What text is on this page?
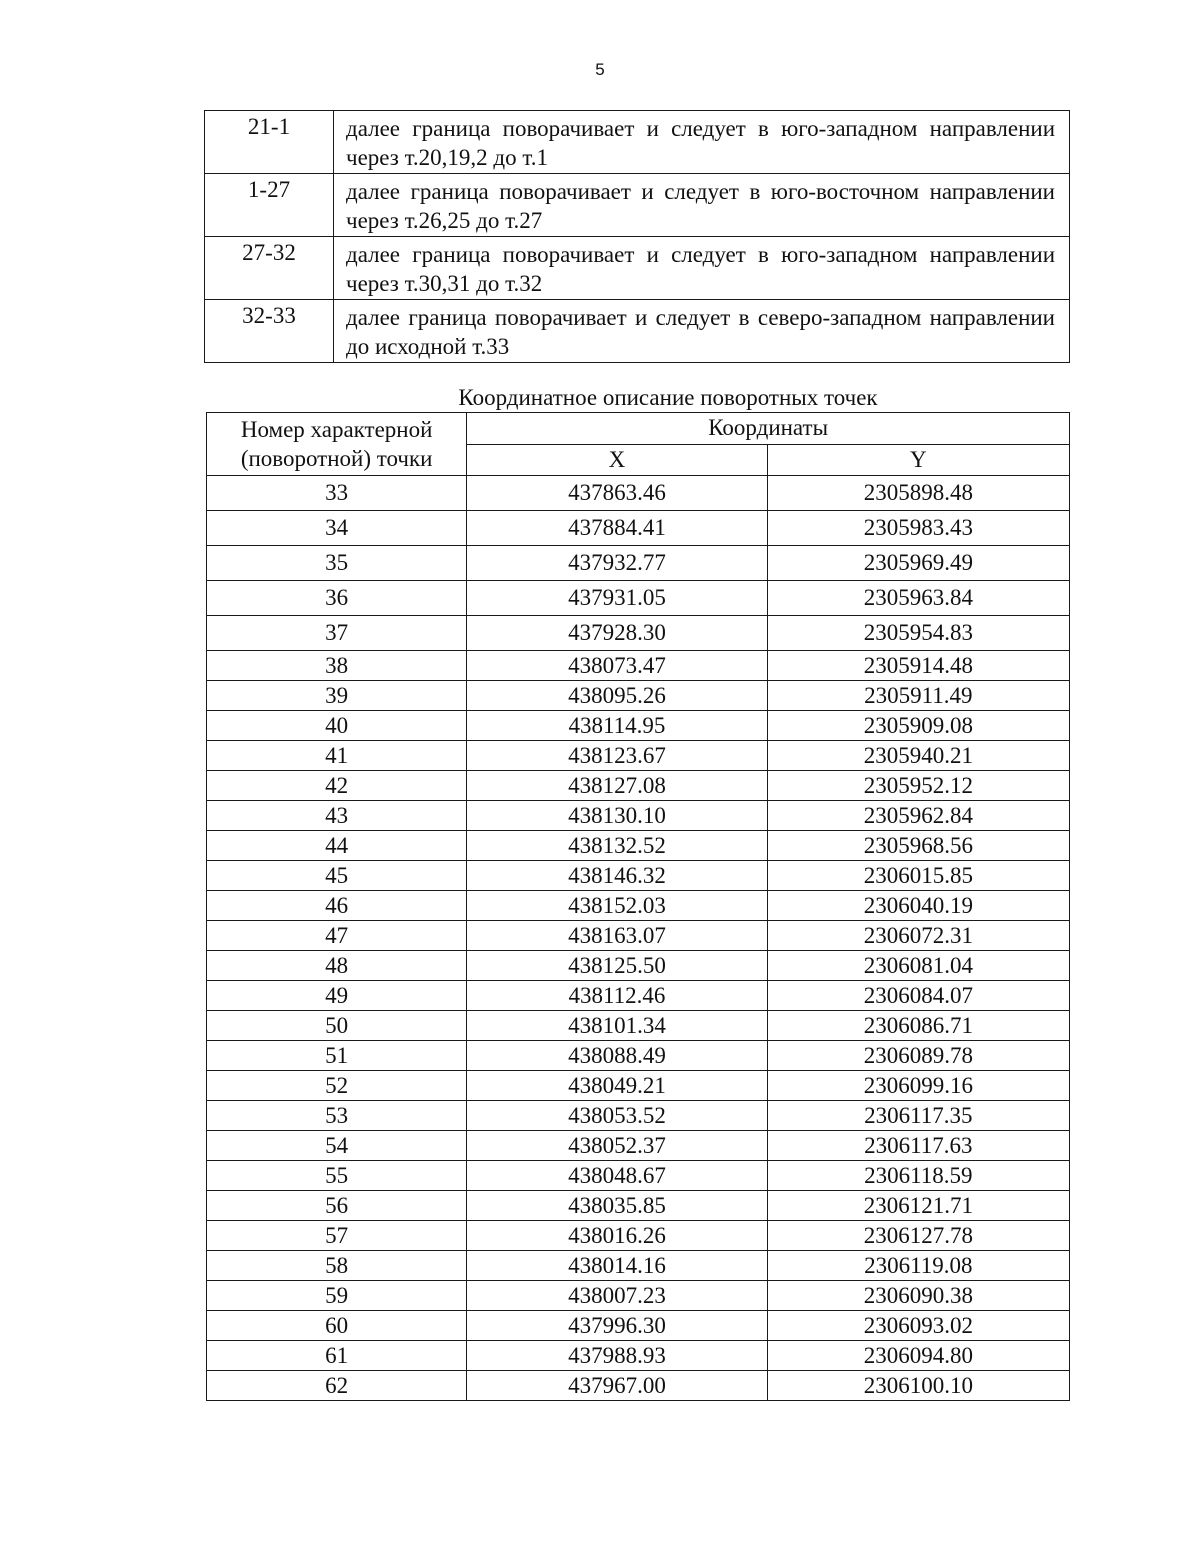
5
21-1	далее граница поворачивает и следует в юго-западном направлении через т.20,19,2 до т.1
1-27	далее граница поворачивает и следует в юго-восточном направлении через т.26,25 до т.27
27-32	далее граница поворачивает и следует в юго-западном направлении через т.30,31 до т.32
32-33	далее граница поворачивает и следует в северо-западном направлении до исходной т.33
Координатное описание поворотных точек
Номер характерной (поворотной) точки	Координаты	
	X	Y
33	437863.46	2305898.48
34	437884.41	2305983.43
35	437932.77	2305969.49
36	437931.05	2305963.84
37	437928.30	2305954.83
38	438073.47	2305914.48
39	438095.26	2305911.49
40	438114.95	2305909.08
41	438123.67	2305940.21
42	438127.08	2305952.12
43	438130.10	2305962.84
44	438132.52	2305968.56
45	438146.32	2306015.85
46	438152.03	2306040.19
47	438163.07	2306072.31
48	438125.50	2306081.04
49	438112.46	2306084.07
50	438101.34	2306086.71
51	438088.49	2306089.78
52	438049.21	2306099.16
53	438053.52	2306117.35
54	438052.37	2306117.63
55	438048.67	2306118.59
56	438035.85	2306121.71
57	438016.26	2306127.78
58	438014.16	2306119.08
59	438007.23	2306090.38
60	437996.30	2306093.02
61	437988.93	2306094.80
62	437967.00	2306100.10
